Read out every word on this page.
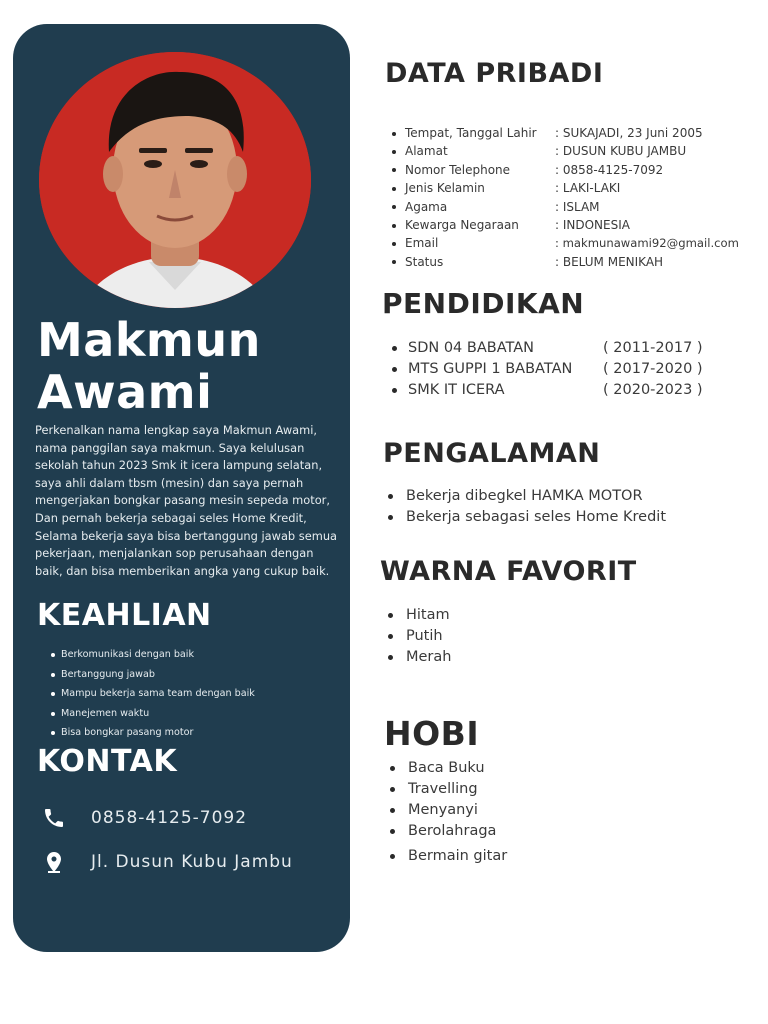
Makmun
Awami

Perkenalkan nama lengkap saya Makmun Awami, nama panggilan saya makmun. Saya kelulusan sekolah tahun 2023 Smk it icera lampung selatan, saya ahli dalam tbsm (mesin) dan saya pernah mengerjakan bongkar pasang mesin sepeda motor, Dan pernah bekerja sebagai seles Home Kredit, Selama bekerja saya bisa bertanggung jawab semua pekerjaan, menjalankan sop perusahaan dengan baik, dan bisa memberikan angka yang cukup baik.

KEAHLIAN
Berkomunikasi dengan baik
Bertanggung jawab
Mampu bekerja sama team dengan baik
Manejemen waktu
Bisa bongkar pasang motor
KONTAK
0858-4125-7092
Jl. Dusun Kubu Jambu
DATA PRIBADI
Tempat, Tanggal Lahir	: SUKAJADI, 23 Juni 2005
Alamat	: DUSUN KUBU JAMBU
Nomor Telephone	: 0858-4125-7092
Jenis Kelamin	: LAKI-LAKI
Agama	: ISLAM
Kewarga Negaraan	: INDONESIA
Email	: makmunawami92@gmail.com
Status	: BELUM MENIKAH
PENDIDIKAN
SDN 04 BABATAN	( 2011-2017 )
MTS GUPPI 1 BABATAN	( 2017-2020 )
SMK IT ICERA	( 2020-2023 )
PENGALAMAN
Bekerja dibegkel HAMKA MOTOR
Bekerja sebagasi seles Home Kredit
WARNA FAVORIT
Hitam
Putih
Merah
HOBI
Baca Buku
Travelling
Menyanyi
Berolahraga
Bermain gitar
